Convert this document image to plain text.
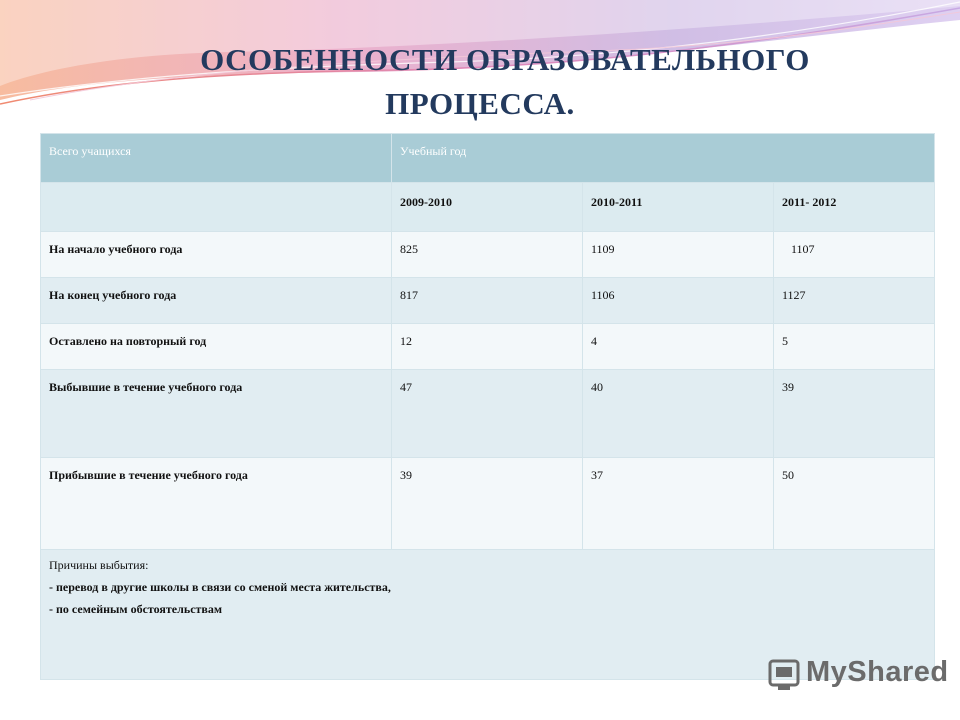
ОСОБЕННОСТИ ОБРАЗОВАТЕЛЬНОГО
ПРОЦЕССА.
Всего учащихся	Учебный год		
	2009-2010	2010-2011	2011- 2012
На начало учебного года	825	1109	1107
На конец учебного года	817	1106	1127
Оставлено на повторный год	12	4	5
Выбывшие в течение учебного года	47	40	39
Прибывшие в течение учебного года	39	37	50

Причины выбытия:
- перевод в другие школы в связи со сменой места жительства,
- по семейным обстоятельствам			
MyShared
